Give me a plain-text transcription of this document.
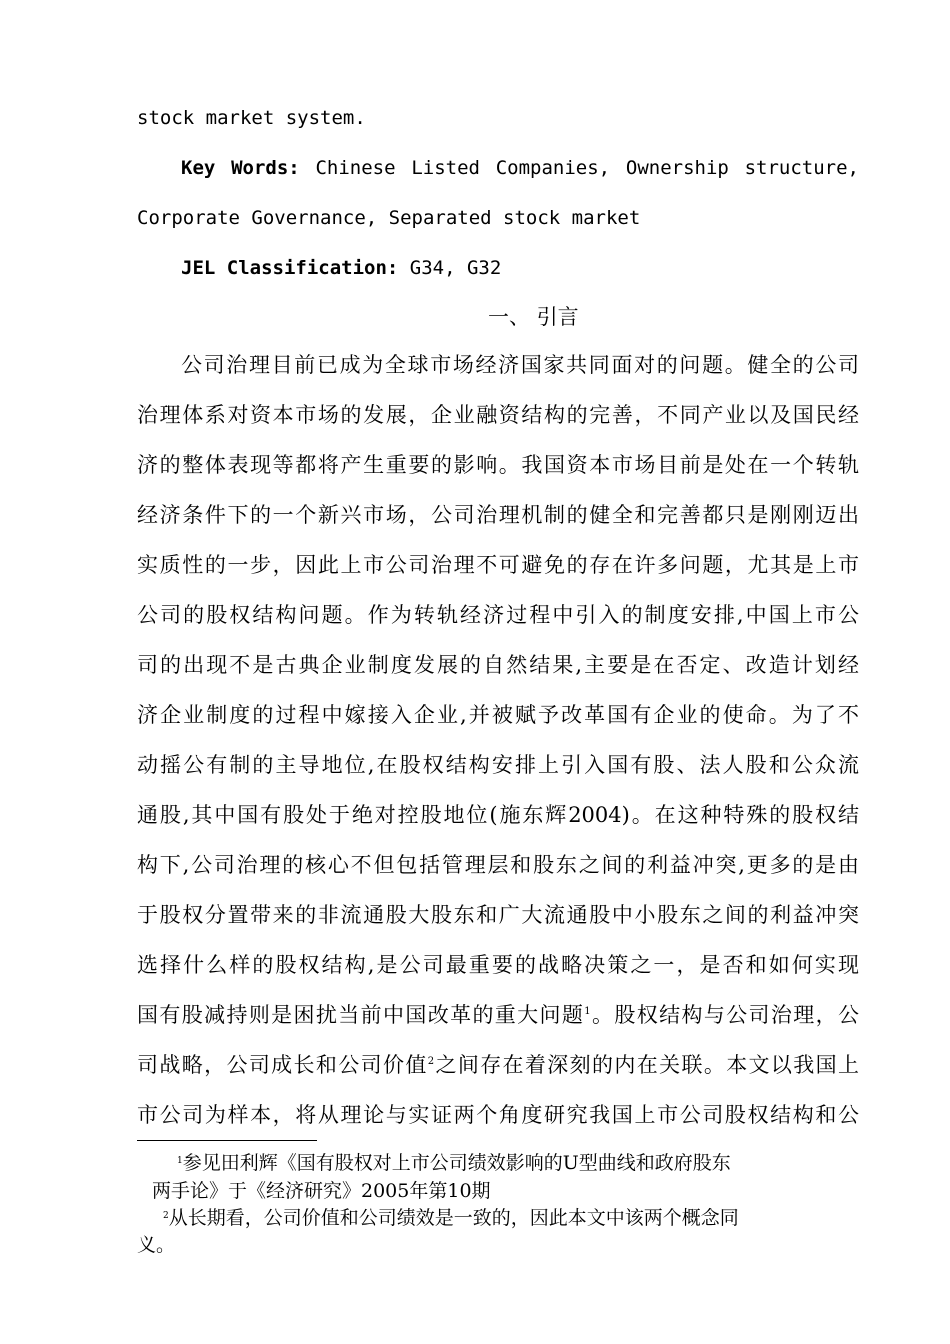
stock market system.
Key Words: Chinese Listed Companies, Ownership structure,
Corporate Governance, Separated stock market
JEL Classification: G34, G32
一、 引言
公司治理目前已成为全球市场经济国家共同面对的问题。健全的公司
治理体系对资本市场的发展，企业融资结构的完善，不同产业以及国民经
济的整体表现等都将产生重要的影响。我国资本市场目前是处在一个转轨
经济条件下的一个新兴市场，公司治理机制的健全和完善都只是刚刚迈出
实质性的一步，因此上市公司治理不可避免的存在许多问题，尤其是上市
公司的股权结构问题。作为转轨经济过程中引入的制度安排,中国上市公
司的出现不是古典企业制度发展的自然结果,主要是在否定、改造计划经
济企业制度的过程中嫁接入企业,并被赋予改革国有企业的使命。为了不
动摇公有制的主导地位,在股权结构安排上引入国有股、法人股和公众流
通股,其中国有股处于绝对控股地位(施东辉2004)。在这种特殊的股权结
构下,公司治理的核心不但包括管理层和股东之间的利益冲突,更多的是由
于股权分置带来的非流通股大股东和广大流通股中小股东之间的利益冲突
选择什么样的股权结构,是公司最重要的战略决策之一，是否和如何实现
国有股减持则是困扰当前中国改革的重大问题$^1$。股权结构与公司治理，公
司战略，公司成长和公司价值$^2$之间存在着深刻的内在关联。本文以我国上
市公司为样本，将从理论与实证两个角度研究我国上市公司股权结构和公
$^1$参见田利辉《国有股权对上市公司绩效影响的U型曲线和政府股东
两手论》于《经济研究》2005年第10期
$^2$从长期看，公司价值和公司绩效是一致的，因此本文中该两个概念同
义。
